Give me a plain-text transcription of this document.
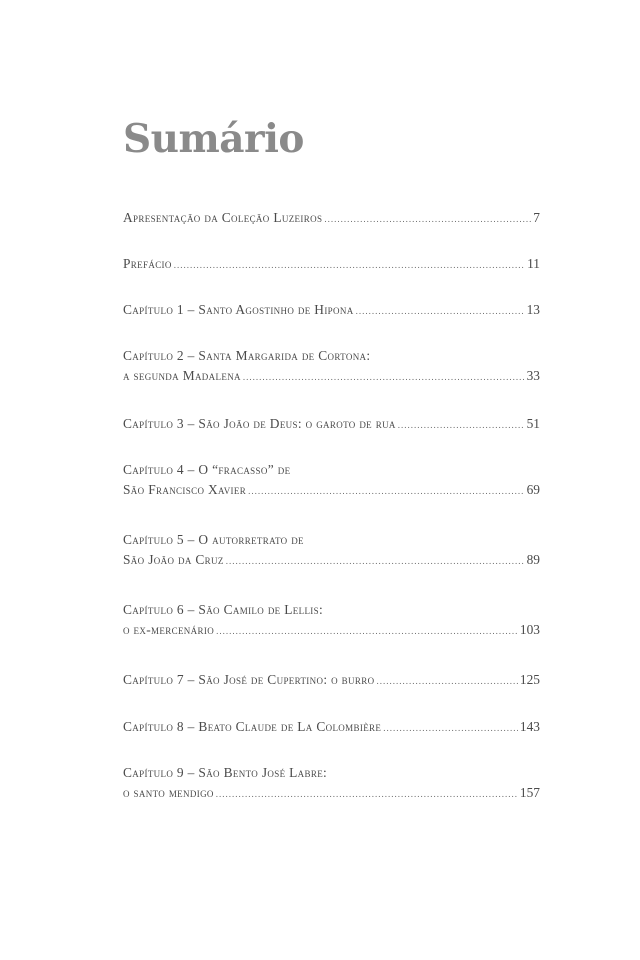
Sumário
Apresentação da Coleção Luzeiros .....	7
Prefácio .....	11
Capítulo 1 – Santo Agostinho de Hipona .....	13
Capítulo 2 – Santa Margarida de Cortona:
a segunda Madalena .....	33
Capítulo 3 – São João de Deus: o garoto de rua .....	51
Capítulo 4 – O “fracasso” de
São Francisco Xavier .....	69
Capítulo 5 – O autorretrato de
São João da Cruz .....	89
Capítulo 6 – São Camilo de Lellis:
o ex-mercenário .....	103
Capítulo 7 – São José de Cupertino: o burro .....	125
Capítulo 8 – Beato Claude de La Colombière .....	143
Capítulo 9 – São Bento José Labre:
o santo mendigo .....	157
